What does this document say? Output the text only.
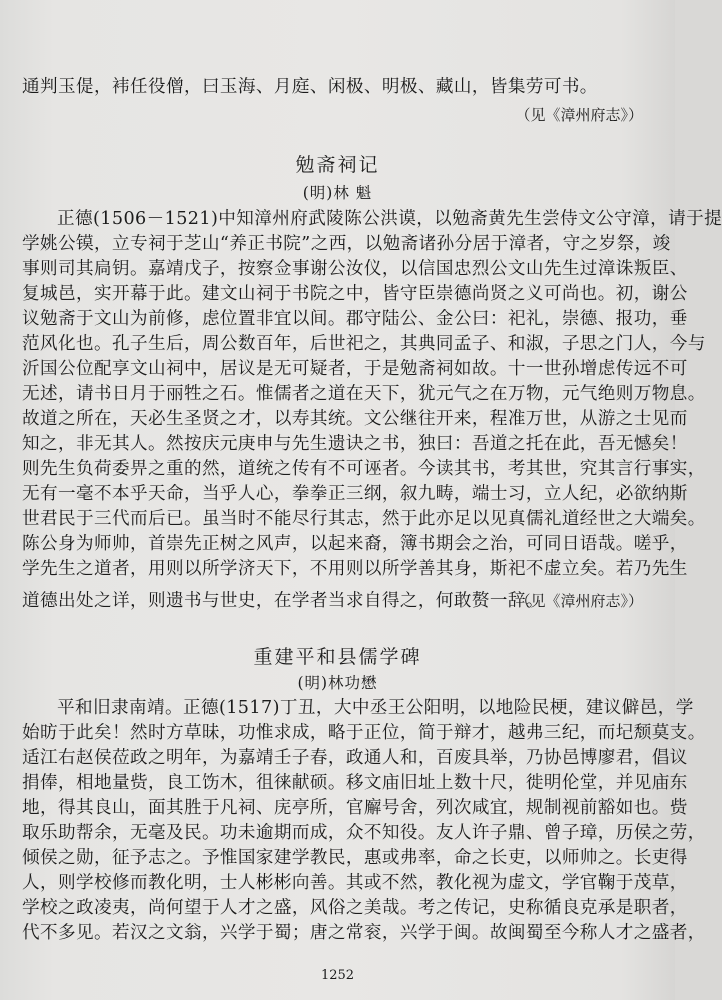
通判玉偍，袆任役僧，曰玉海、月庭、闲极、明极、藏山，皆集劳可书。
（见《漳州府志》）
勉斋祠记
(明)林 魁
正德(1506－1521)中知漳州府武陵陈公洪谟，以勉斋黄先生尝侍文公守漳，请于提
学姚公镆，立专祠于芝山“养正书院”之西，以勉斋诸孙分居于漳者，守之岁祭，竣
事则司其扃钥。嘉靖戊子，按察佥事谢公汝仪，以信国忠烈公文山先生过漳诛叛臣、
复城邑，实开幕于此。建文山祠于书院之中，皆守臣崇德尚贤之义可尚也。初，谢公
议勉斋于文山为前修，虑位置非宜以间。郡守陆公、金公曰：祀礼，崇德、报功，垂
范风化也。孔子生后，周公数百年，后世祀之，其典同孟子、和淑，子思之门人，今与
沂国公位配享文山祠中，居议是无可疑者，于是勉斋祠如故。十一世孙增虑传远不可
无述，请书日月于丽牲之石。惟儒者之道在天下，犹元气之在万物，元气绝则万物息。
故道之所在，天必生圣贤之才，以寿其统。文公继往开来，程准万世，从游之士见而
知之，非无其人。然按庆元庚申与先生遗诀之书，独曰：吾道之托在此，吾无憾矣！
则先生负荷委畀之重的然，道统之传有不可诬者。今读其书，考其世，究其言行事实，
无有一毫不本乎天命，当乎人心，拳拳正三纲，叙九畴，端士习，立人纪，必欲纳斯
世君民于三代而后已。虽当时不能尽行其志，然于此亦足以见真儒礼道经世之大端矣。
陈公身为师帅，首崇先正树之风声，以起来裔，簿书期会之治，可同日语哉。嗟乎，
学先生之道者，用则以所学济天下，不用则以所学善其身，斯祀不虚立矣。若乃先生
道德出处之详，则遗书与世史，在学者当求自得之，何敢赘一辞。
（见《漳州府志》）
重建平和县儒学碑
(明)林功懋
平和旧隶南靖。正德(1517)丁丑，大中丞王公阳明，以地险民梗，建议僻邑，学
始昉于此矣！然时方草昧，功惟求成，略于正位，简于辩才，越弗三纪，而圮颓莫支。
适江右赵侯莅政之明年，为嘉靖壬子春，政通人和，百废具举，乃协邑博廖君，倡议
捐俸，相地量赀，良工饬木，徂徕献硕。移文庙旧址上数十尺，徙明伦堂，并见庙东
地，得其良山，面其胜于凡祠、庑亭所，官廨号舍，列次咸宜，规制视前豁如也。赀
取乐助帮余，无毫及民。功未逾期而成，众不知役。友人许子鼎、曾子璋，历侯之劳，
倾侯之勋，征予志之。予惟国家建学教民，惠或弗率，命之长吏，以师帅之。长吏得
人，则学校修而教化明，士人彬彬向善。其或不然，教化视为虚文，学官鞠于茂草，
学校之政凌夷，尚何望于人才之盛，风俗之美哉。考之传记，史称循良克承是职者，
代不多见。若汉之文翁，兴学于蜀；唐之常衮，兴学于闽。故闽蜀至今称人才之盛者，
1252
